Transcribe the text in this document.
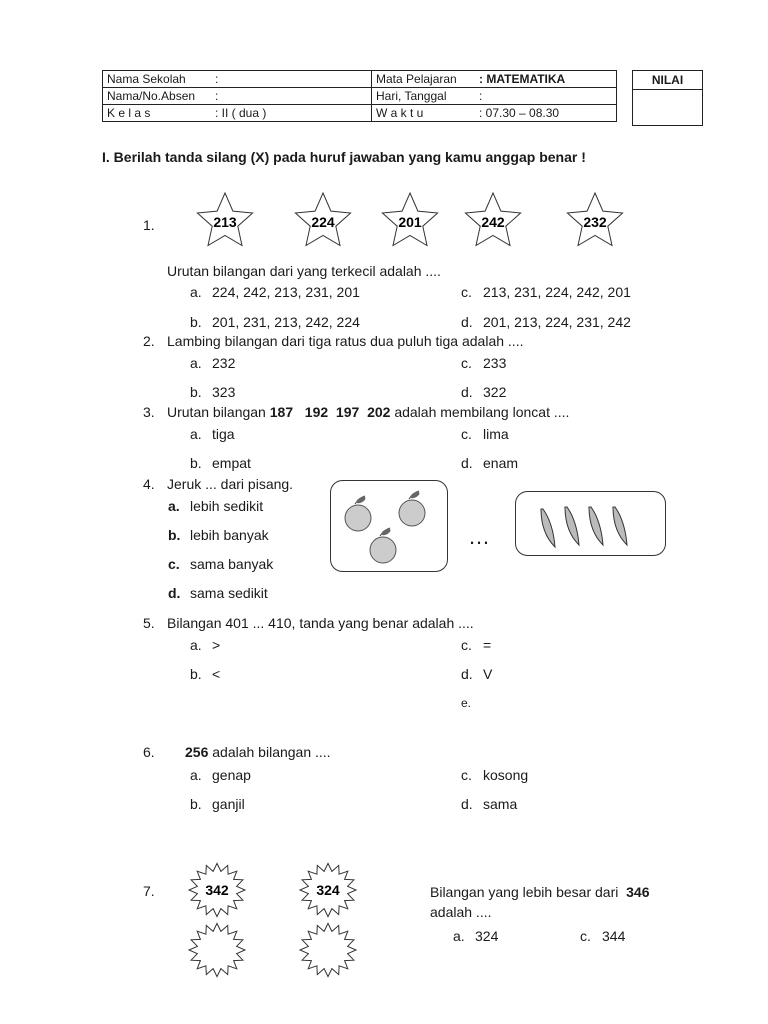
Nama Sekolah	:	Mata Pelajaran	: MATEMATIKA
Nama/No.Absen	:	Hari, Tanggal	:
K e l a s	: II ( dua )	W a k t u	: 07.30 – 08.30
NILAI
I. Berilah tanda silang (X) pada huruf jawaban yang kamu anggap benar !
1.	213	224	201	242	232
Urutan bilangan dari yang terkecil adalah ....
a. 224, 242, 213, 231, 201
b. 201, 231, 213, 242, 224
c. 213, 231, 224, 242, 201
d. 201, 213, 224, 231, 242
2. Lambing bilangan dari tiga ratus dua puluh tiga adalah ....
a. 232
b. 323
c. 233
d. 322
3. Urutan bilangan 187 192 197 202 adalah membilang loncat ....
a. tiga
b. empat
c. lima
d. enam
4. Jeruk ... dari pisang.
a. lebih sedikit
b. lebih banyak
c. sama banyak
d. sama sedikit
…
5. Bilangan 401 ... 410, tanda yang benar adalah ....
a. >
b. <
c. =
d. V
e.
6. 256 adalah bilangan ....
a. genap
b. ganjil
c. kosong
d. sama
7.	342	324	Bilangan yang lebih besar dari 346
adalah ....
a. 324	c. 344
